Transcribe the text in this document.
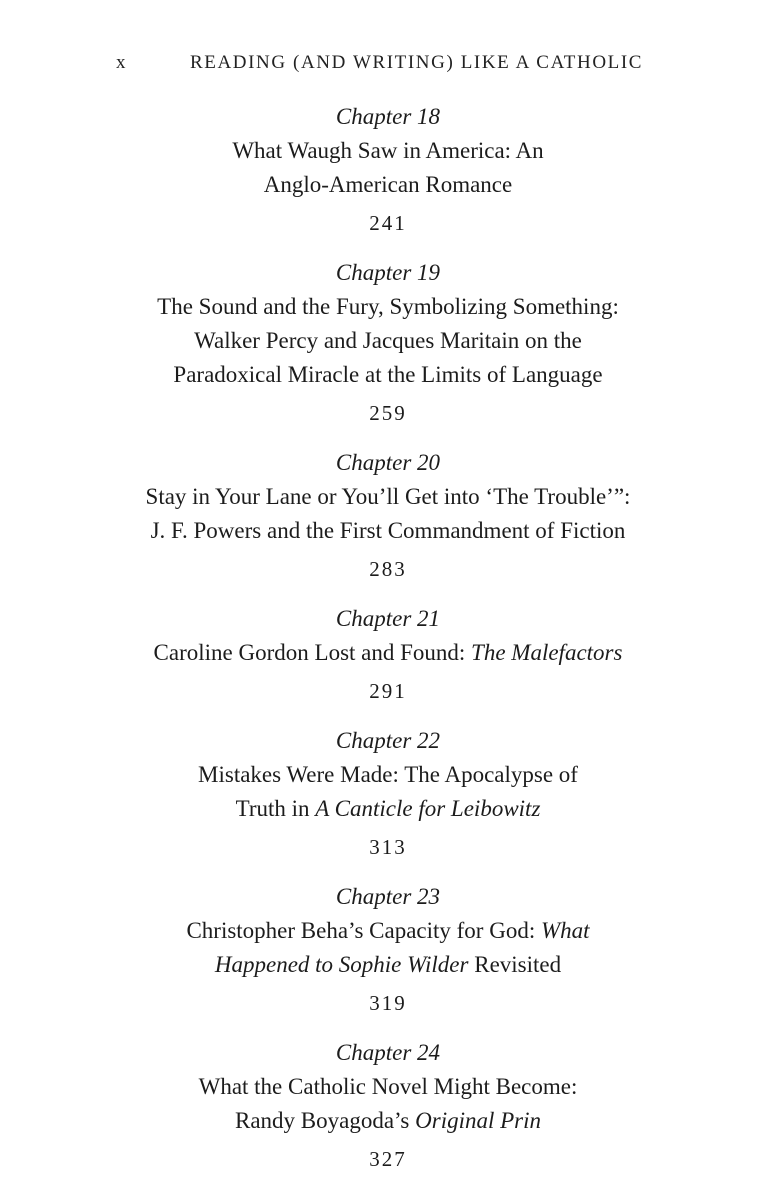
x	READING (AND WRITING) LIKE A CATHOLIC
Chapter 18
What Waugh Saw in America: An
Anglo-American Romance
241
Chapter 19
The Sound and the Fury, Symbolizing Something:
Walker Percy and Jacques Maritain on the
Paradoxical Miracle at the Limits of Language
259
Chapter 20
Stay in Your Lane or You’ll Get into ‘The Trouble’”:
J. F. Powers and the First Commandment of Fiction
283
Chapter 21
Caroline Gordon Lost and Found: The Malefactors
291
Chapter 22
Mistakes Were Made: The Apocalypse of
Truth in A Canticle for Leibowitz
313
Chapter 23
Christopher Beha’s Capacity for God: What
Happened to Sophie Wilder Revisited
319
Chapter 24
What the Catholic Novel Might Become:
Randy Boyagoda’s Original Prin
327
